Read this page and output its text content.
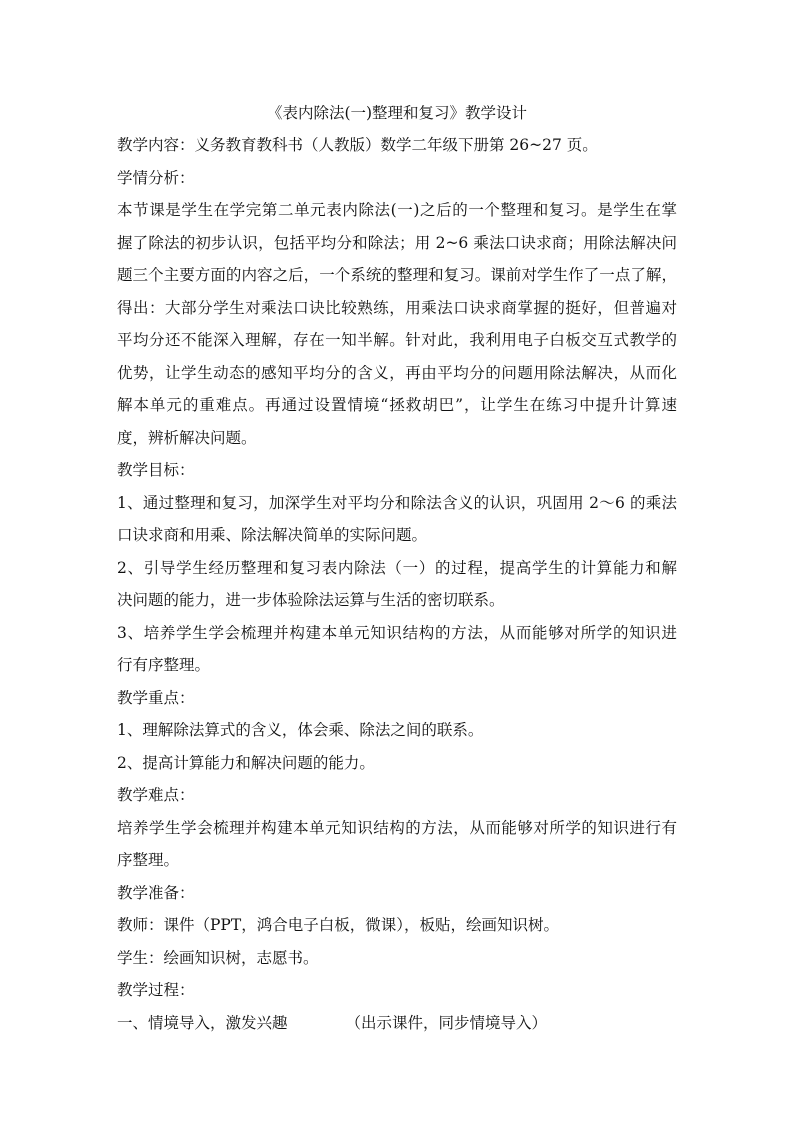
《表内除法(一)整理和复习》教学设计
教学内容：义务教育教科书（人教版）数学二年级下册第 26~27 页。
学情分析：
本节课是学生在学完第二单元表内除法(一)之后的一个整理和复习。是学生在掌
握了除法的初步认识，包括平均分和除法；用 2~6 乘法口诀求商；用除法解决问
题三个主要方面的内容之后，一个系统的整理和复习。课前对学生作了一点了解，
得出：大部分学生对乘法口诀比较熟练，用乘法口诀求商掌握的挺好，但普遍对
平均分还不能深入理解，存在一知半解。针对此，我利用电子白板交互式教学的
优势，让学生动态的感知平均分的含义，再由平均分的问题用除法解决，从而化
解本单元的重难点。再通过设置情境“拯救胡巴”，让学生在练习中提升计算速
度，辨析解决问题。
教学目标：
1、通过整理和复习，加深学生对平均分和除法含义的认识，巩固用 2～6 的乘法
口诀求商和用乘、除法解决简单的实际问题。
2、引导学生经历整理和复习表内除法（一）的过程，提高学生的计算能力和解
决问题的能力，进一步体验除法运算与生活的密切联系。
3、培养学生学会梳理并构建本单元知识结构的方法，从而能够对所学的知识进
行有序整理。
教学重点：
1、理解除法算式的含义，体会乘、除法之间的联系。
2、提高计算能力和解决问题的能力。
教学难点：
培养学生学会梳理并构建本单元知识结构的方法，从而能够对所学的知识进行有
序整理。
教学准备：
教师：课件（PPT，鸿合电子白板，微课），板贴，绘画知识树。
学生：绘画知识树，志愿书。
教学过程：
一、情境导入，激发兴趣	（出示课件，同步情境导入）
